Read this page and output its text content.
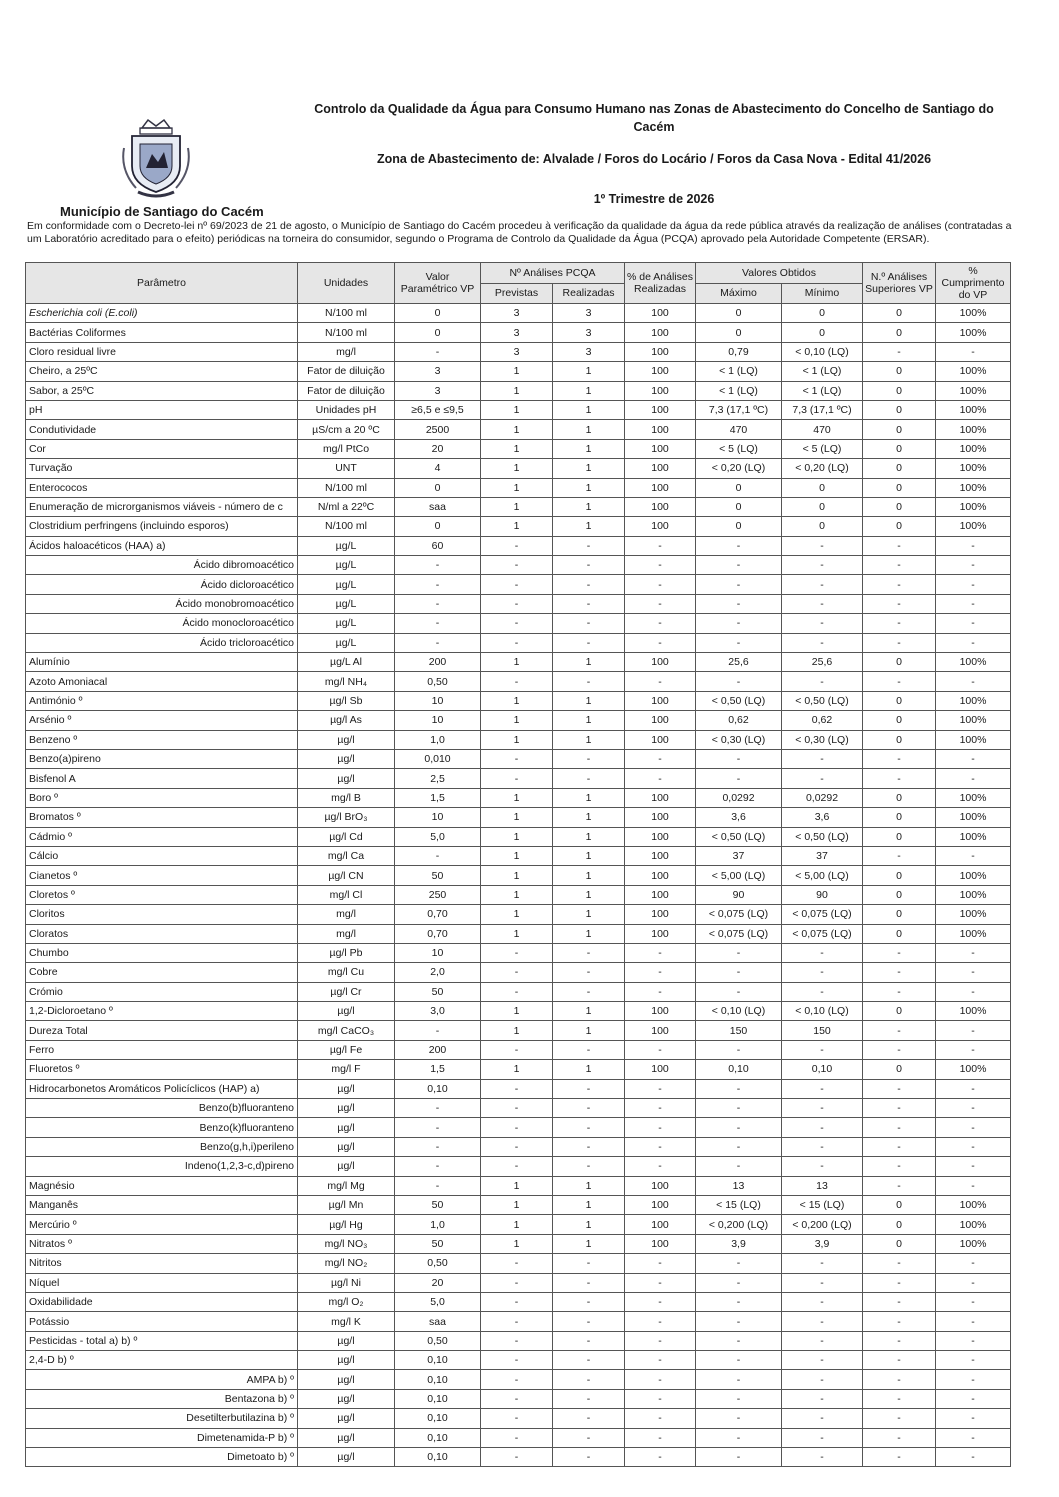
Município de Santiago do Cacém
Controlo da Qualidade da Água para Consumo Humano nas Zonas de Abastecimento do Concelho de Santiago do Cacém
Zona de Abastecimento de: Alvalade / Foros do Locário / Foros da Casa Nova - Edital 41/2026
1º Trimestre de 2026
Em conformidade com o Decreto-lei nº 69/2023 de 21 de agosto, o Município de Santiago do Cacém procedeu à verificação da qualidade da água da rede pública através da realização de análises (contratadas a um Laboratório acreditado para o efeito) periódicas na torneira do consumidor, segundo o Programa de Controlo da Qualidade da Água (PCQA) aprovado pela Autoridade Competente (ERSAR).
Parâmetro	Unidades	Valor Paramétrico VP	Nº Análises PCQA		% de Análises Realizadas	Valores Obtidos		N.º Análises Superiores VP	% Cumprimento do VP
			Previstas	Realizadas		Máximo	Mínimo		
Escherichia coli (E.coli)	N/100 ml	0	3	3	100	0	0	0	100%
Bactérias Coliformes	N/100 ml	0	3	3	100	0	0	0	100%
Cloro residual livre	mg/l	-	3	3	100	0,79	< 0,10 (LQ)	-	-
Cheiro, a 25ºC	Fator de diluição	3	1	1	100	< 1 (LQ)	< 1 (LQ)	0	100%
Sabor, a 25ºC	Fator de diluição	3	1	1	100	< 1 (LQ)	< 1 (LQ)	0	100%
pH	Unidades pH	≥6,5 e ≤9,5	1	1	100	7,3 (17,1 ºC)	7,3 (17,1 ºC)	0	100%
Condutividade	µS/cm a 20 ºC	2500	1	1	100	470	470	0	100%
Cor	mg/l PtCo	20	1	1	100	< 5 (LQ)	< 5 (LQ)	0	100%
Turvação	UNT	4	1	1	100	< 0,20 (LQ)	< 0,20 (LQ)	0	100%
Enterococos	N/100 ml	0	1	1	100	0	0	0	100%
Enumeração de microrganismos viáveis - número de c	N/ml a 22ºC	saa	1	1	100	0	0	0	100%
Clostridium perfringens (incluindo esporos)	N/100 ml	0	1	1	100	0	0	0	100%
Ácidos haloacéticos (HAA) a)	µg/L	60	-	-	-	-	-	-	-
Ácido dibromoacético	µg/L	-	-	-	-	-	-	-	-
Ácido dicloroacético	µg/L	-	-	-	-	-	-	-	-
Ácido monobromoacético	µg/L	-	-	-	-	-	-	-	-
Ácido monocloroacético	µg/L	-	-	-	-	-	-	-	-
Ácido tricloroacético	µg/L	-	-	-	-	-	-	-	-
Alumínio	µg/L Al	200	1	1	100	25,6	25,6	0	100%
Azoto Amoniacal	mg/l NH₄	0,50	-	-	-	-	-	-	-
Antimónio º	µg/l Sb	10	1	1	100	< 0,50 (LQ)	< 0,50 (LQ)	0	100%
Arsénio º	µg/l As	10	1	1	100	0,62	0,62	0	100%
Benzeno º	µg/l	1,0	1	1	100	< 0,30 (LQ)	< 0,30 (LQ)	0	100%
Benzo(a)pireno	µg/l	0,010	-	-	-	-	-	-	-
Bisfenol A	µg/l	2,5	-	-	-	-	-	-	-
Boro º	mg/l B	1,5	1	1	100	0,0292	0,0292	0	100%
Bromatos º	µg/l BrO₃	10	1	1	100	3,6	3,6	0	100%
Cádmio º	µg/l Cd	5,0	1	1	100	< 0,50 (LQ)	< 0,50 (LQ)	0	100%
Cálcio	mg/l Ca	-	1	1	100	37	37	-	-
Cianetos º	µg/l CN	50	1	1	100	< 5,00 (LQ)	< 5,00 (LQ)	0	100%
Cloretos º	mg/l Cl	250	1	1	100	90	90	0	100%
Cloritos	mg/l	0,70	1	1	100	< 0,075 (LQ)	< 0,075 (LQ)	0	100%
Cloratos	mg/l	0,70	1	1	100	< 0,075 (LQ)	< 0,075 (LQ)	0	100%
Chumbo	µg/l Pb	10	-	-	-	-	-	-	-
Cobre	mg/l Cu	2,0	-	-	-	-	-	-	-
Crómio	µg/l Cr	50	-	-	-	-	-	-	-
1,2-Dicloroetano º	µg/l	3,0	1	1	100	< 0,10 (LQ)	< 0,10 (LQ)	0	100%
Dureza Total	mg/l CaCO₃	-	1	1	100	150	150	-	-
Ferro	µg/l Fe	200	-	-	-	-	-	-	-
Fluoretos º	mg/l F	1,5	1	1	100	0,10	0,10	0	100%
Hidrocarbonetos Aromáticos Policíclicos (HAP) a)	µg/l	0,10	-	-	-	-	-	-	-
Benzo(b)fluoranteno	µg/l	-	-	-	-	-	-	-	-
Benzo(k)fluoranteno	µg/l	-	-	-	-	-	-	-	-
Benzo(g,h,i)perileno	µg/l	-	-	-	-	-	-	-	-
Indeno(1,2,3-c,d)pireno	µg/l	-	-	-	-	-	-	-	-
Magnésio	mg/l Mg	-	1	1	100	13	13	-	-
Manganês	µg/l Mn	50	1	1	100	< 15 (LQ)	< 15 (LQ)	0	100%
Mercúrio º	µg/l Hg	1,0	1	1	100	< 0,200 (LQ)	< 0,200 (LQ)	0	100%
Nitratos º	mg/l NO₃	50	1	1	100	3,9	3,9	0	100%
Nitritos	mg/l NO₂	0,50	-	-	-	-	-	-	-
Níquel	µg/l Ni	20	-	-	-	-	-	-	-
Oxidabilidade	mg/l O₂	5,0	-	-	-	-	-	-	-
Potássio	mg/l K	saa	-	-	-	-	-	-	-
Pesticidas - total a) b) º	µg/l	0,50	-	-	-	-	-	-	-
2,4-D b) º	µg/l	0,10	-	-	-	-	-	-	-
AMPA b) º	µg/l	0,10	-	-	-	-	-	-	-
Bentazona b) º	µg/l	0,10	-	-	-	-	-	-	-
Desetilterbutilazina b) º	µg/l	0,10	-	-	-	-	-	-	-
Dimetenamida-P b) º	µg/l	0,10	-	-	-	-	-	-	-
Dimetoato b) º	µg/l	0,10	-	-	-	-	-	-	-
